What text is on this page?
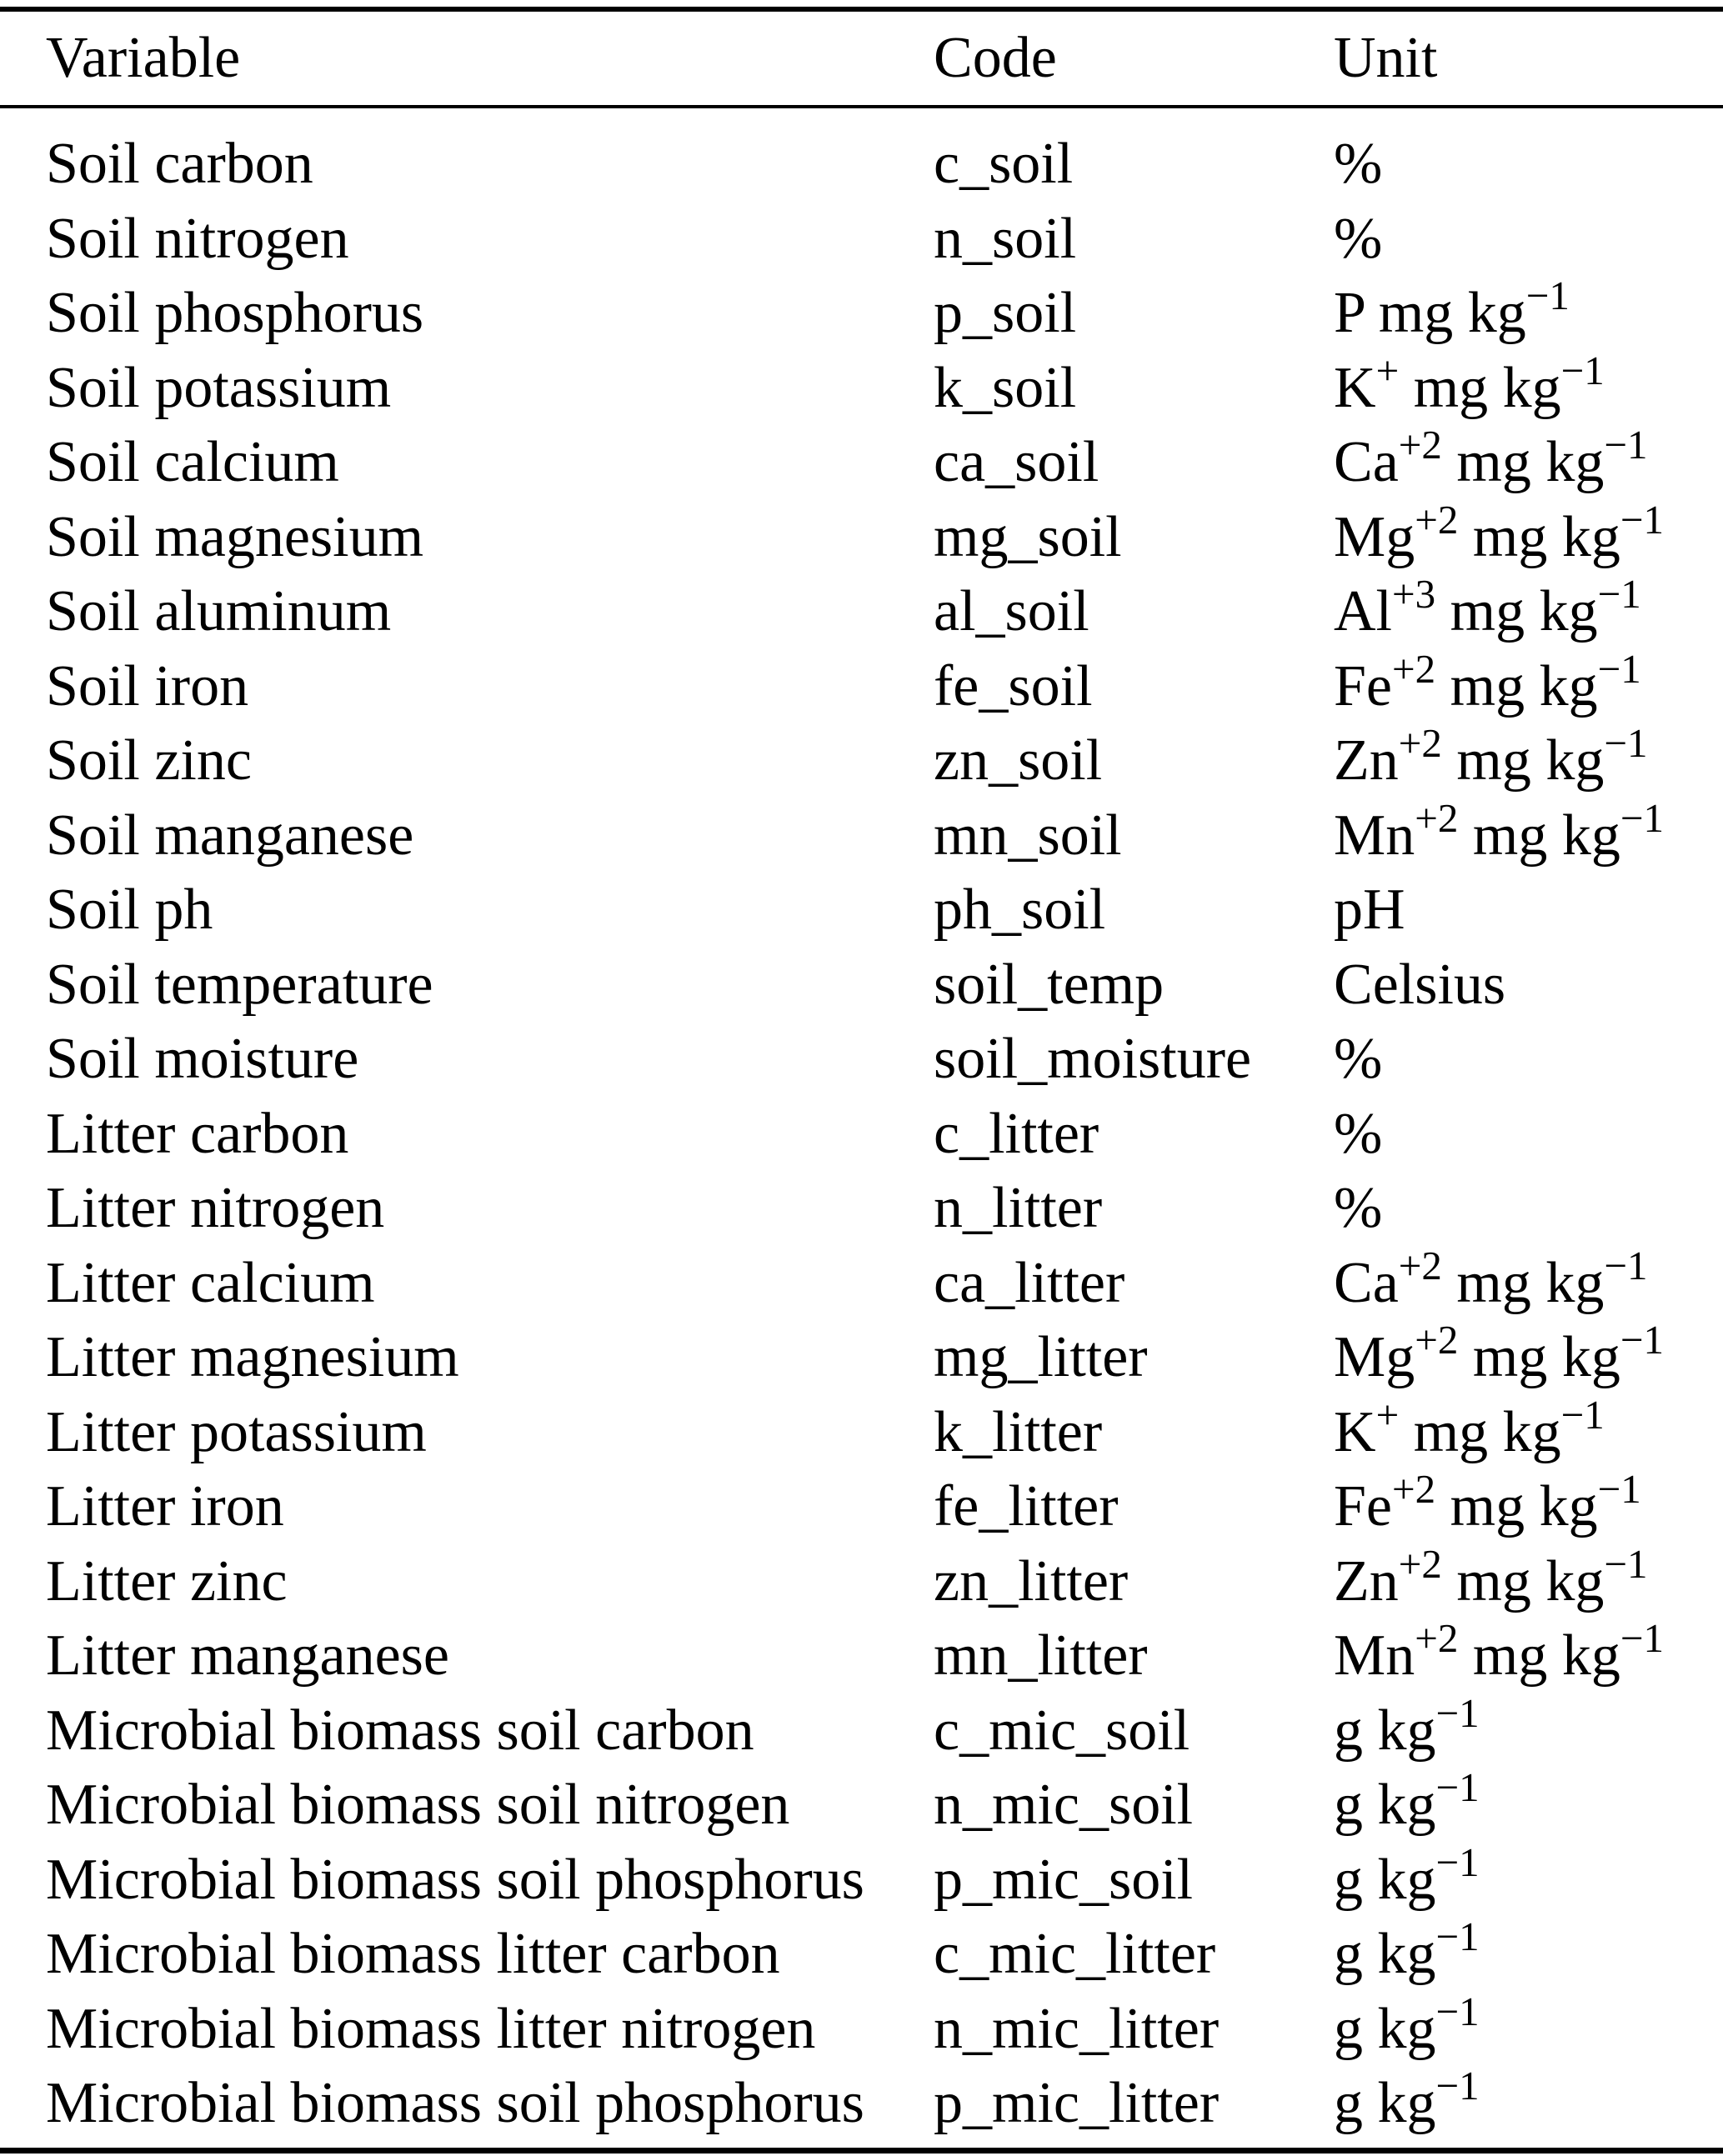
Variable	Code	Unit
Soil carbon	c_soil	%
Soil nitrogen	n_soil	%
Soil phosphorus	p_soil	P mg $kg^{-1}$
Soil potassium	k_soil	K+ mg $kg^{-1}$
Soil calcium	ca_soil	$Ca^{+2}$ mg $kg^{-1}$
Soil magnesium	mg_soil	$Mg^{+2}$ mg $kg^{-1}$
Soil aluminum	al_soil	$Al^{+3}$ mg $kg^{-1}$
Soil iron	fe_soil	$Fe^{+2}$ mg $kg^{-1}$
Soil zinc	zn_soil	$Zn^{+2}$ mg $kg^{-1}$
Soil manganese	mn_soil	$Mn^{+2}$ mg $kg^{-1}$
Soil ph	ph_soil	pH
Soil temperature	soil_temp	Celsius
Soil moisture	soil_moisture	%
Litter carbon	c_litter	%
Litter nitrogen	n_litter	%
Litter calcium	ca_litter	$Ca^{+2}$ mg $kg^{-1}$
Litter magnesium	mg_litter	$Mg^{+2}$ mg $kg^{-1}$
Litter potassium	k_litter	K+ mg $kg^{-1}$
Litter iron	fe_litter	$Fe^{+2}$ mg $kg^{-1}$
Litter zinc	zn_litter	$Zn^{+2}$ mg $kg^{-1}$
Litter manganese	mn_litter	$Mn^{+2}$ mg $kg^{-1}$
Microbial biomass soil carbon	c_mic_soil	g $kg^{-1}$
Microbial biomass soil nitrogen	n_mic_soil	g $kg^{-1}$
Microbial biomass soil phosphorus	p_mic_soil	g $kg^{-1}$
Microbial biomass litter carbon	c_mic_litter	g $kg^{-1}$
Microbial biomass litter nitrogen	n_mic_litter	g $kg^{-1}$
Microbial biomass soil phosphorus	p_mic_litter	g $kg^{-1}$
